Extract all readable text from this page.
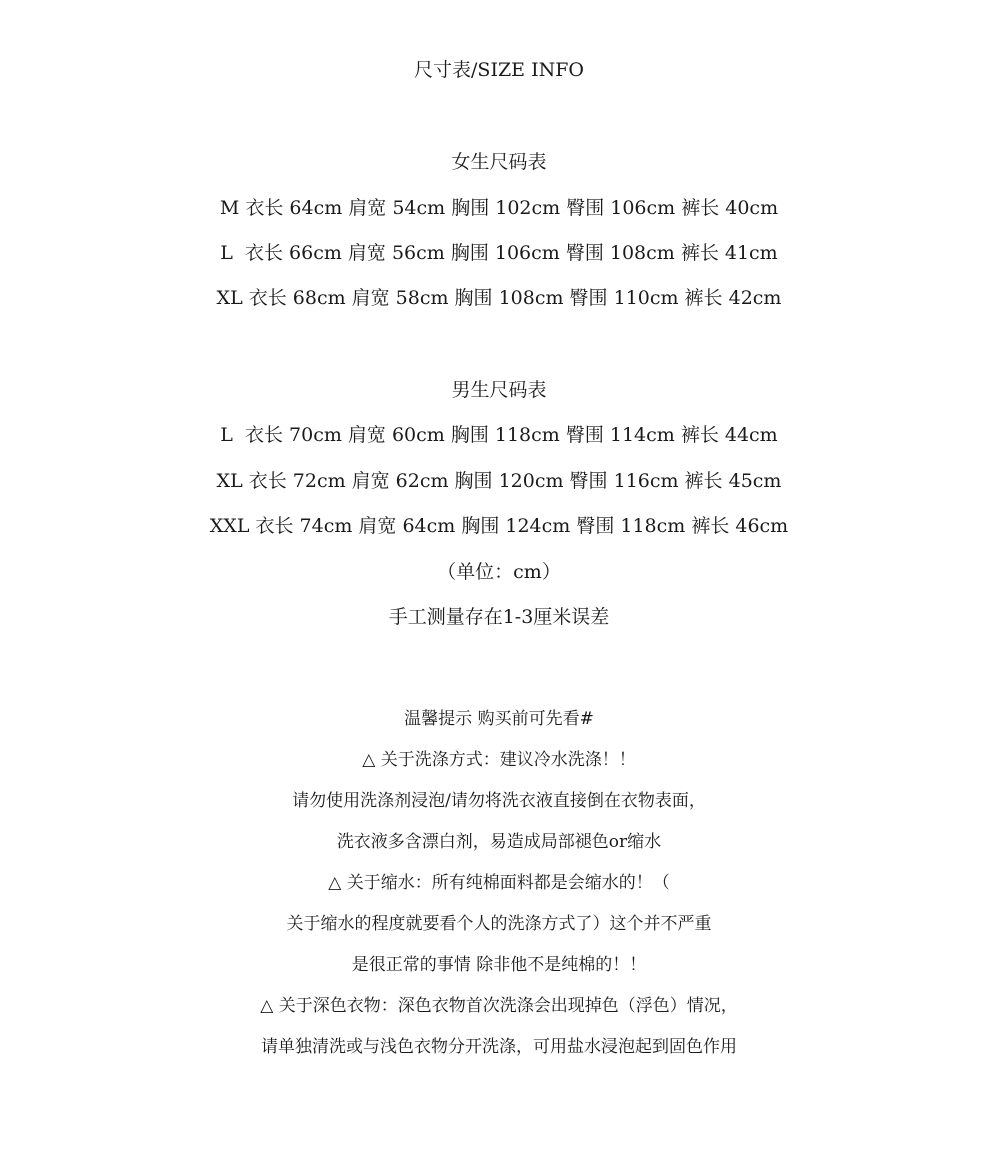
尺寸表/SIZE INFO
女生尺码表
M 衣长 64cm 肩宽 54cm 胸围 102cm 臀围 106cm 裤长 40cm
L  衣长 66cm 肩宽 56cm 胸围 106cm 臀围 108cm 裤长 41cm
XL 衣长 68cm 肩宽 58cm 胸围 108cm 臀围 110cm 裤长 42cm
男生尺码表
L  衣长 70cm 肩宽 60cm 胸围 118cm 臀围 114cm 裤长 44cm
XL 衣长 72cm 肩宽 62cm 胸围 120cm 臀围 116cm 裤长 45cm
XXL 衣长 74cm 肩宽 64cm 胸围 124cm 臀围 118cm 裤长 46cm
（单位：cm）
手工测量存在1-3厘米误差
温馨提示 购买前可先看#
△ 关于洗涤方式：建议冷水洗涤！！
请勿使用洗涤剂浸泡/请勿将洗衣液直接倒在衣物表面，
洗衣液多含漂白剂，易造成局部褪色or缩水
△ 关于缩水：所有纯棉面料都是会缩水的！（
关于缩水的程度就要看个人的洗涤方式了）这个并不严重
是很正常的事情 除非他不是纯棉的！！
△ 关于深色衣物：深色衣物首次洗涤会出现掉色（浮色）情况，
请单独清洗或与浅色衣物分开洗涤，可用盐水浸泡起到固色作用
